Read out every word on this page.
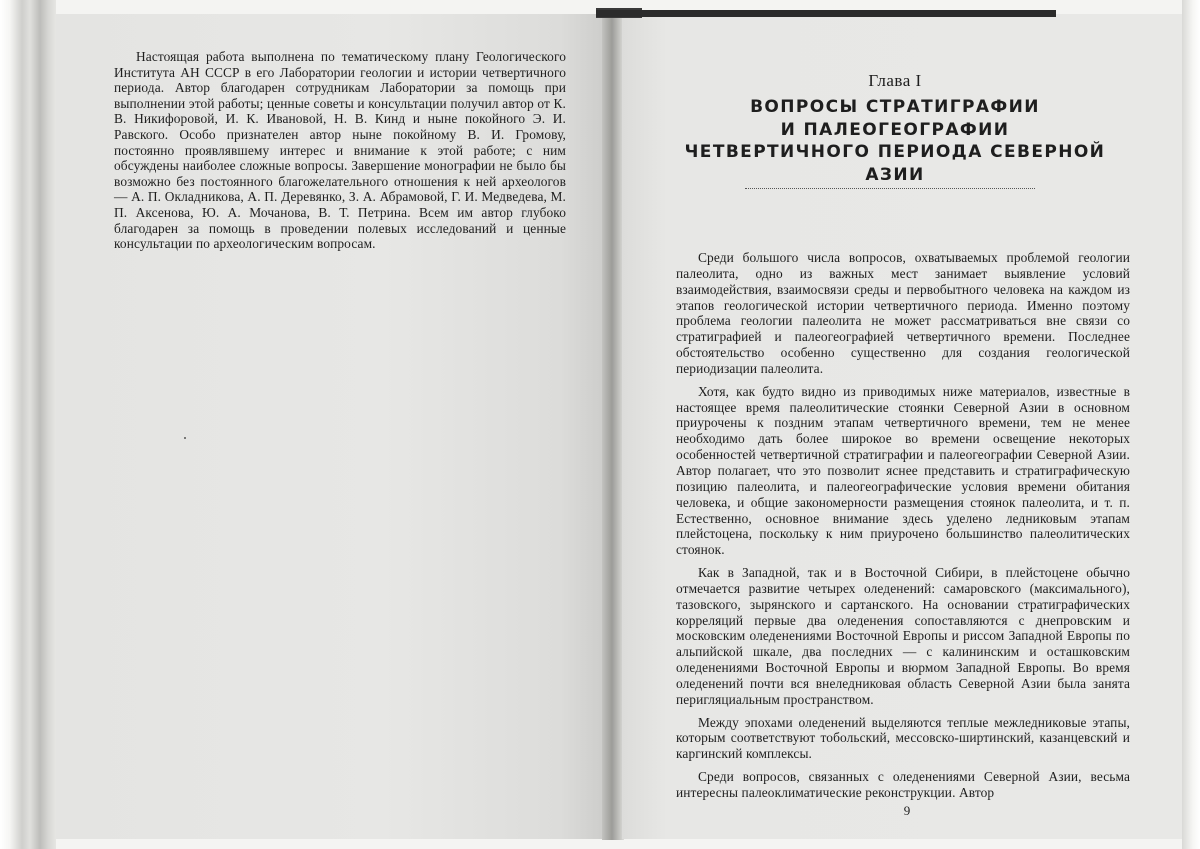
Настоящая работа выполнена по тематическому плану Геологического Института АН СССР в его Лаборатории геологии и истории четвертичного периода. Автор благодарен сотрудникам Лаборатории за помощь при выполнении этой работы; ценные советы и консультации получил автор от К. В. Никифоровой, И. К. Ивановой, Н. В. Кинд и ныне покойного Э. И. Равского. Особо признателен автор ныне покойному В. И. Громову, постоянно проявлявшему интерес и внимание к этой работе; с ним обсуждены наиболее сложные вопросы. Завершение монографии не было бы возможно без постоянного благожелательного отношения к ней археологов — А. П. Окладникова, А. П. Деревянко, З. А. Абрамовой, Г. И. Медведева, М. П. Аксенова, Ю. А. Мочанова, В. Т. Петрина. Всем им автор глубоко благодарен за помощь в проведении полевых исследований и ценные консультации по археологическим вопросам.

Глава I
ВОПРОСЫ СТРАТИГРАФИИ
И ПАЛЕОГЕОГРАФИИ
ЧЕТВЕРТИЧНОГО ПЕРИОДА СЕВЕРНОЙ АЗИИ

Среди большого числа вопросов, охватываемых проблемой геологии палеолита, одно из важных мест занимает выявление условий взаимодействия, взаимосвязи среды и первобытного человека на каждом из этапов геологической истории четвертичного периода. Именно поэтому проблема геологии палеолита не может рассматриваться вне связи со стратиграфией и палеогеографией четвертичного времени. Последнее обстоятельство особенно существенно для создания геологической периодизации палеолита.

Хотя, как будто видно из приводимых ниже материалов, известные в настоящее время палеолитические стоянки Северной Азии в основном приурочены к поздним этапам четвертичного времени, тем не менее необходимо дать более широкое во времени освещение некоторых особенностей четвертичной стратиграфии и палеогеографии Северной Азии. Автор полагает, что это позволит яснее представить и стратиграфическую позицию палеолита, и палеогеографические условия времени обитания человека, и общие закономерности размещения стоянок палеолита, и т. п. Естественно, основное внимание здесь уделено ледниковым этапам плейстоцена, поскольку к ним приурочено большинство палеолитических стоянок.

Как в Западной, так и в Восточной Сибири, в плейстоцене обычно отмечается развитие четырех оледенений: самаровского (максимального), тазовского, зырянского и сартанского. На основании стратиграфических корреляций первые два оледенения сопоставляются с днепровским и московским оледенениями Восточной Европы и риссом Западной Европы по альпийской шкале, два последних — с калининским и осташковским оледенениями Восточной Европы и вюрмом Западной Европы. Во время оледенений почти вся внеледниковая область Северной Азии была занята перигляциальным пространством.

Между эпохами оледенений выделяются теплые межледниковые этапы, которым соответствуют тобольский, мессовско-ширтинский, казанцевский и каргинский комплексы.

Среди вопросов, связанных с оледенениями Северной Азии, весьма интересны палеоклиматические реконструкции. Автор

9
